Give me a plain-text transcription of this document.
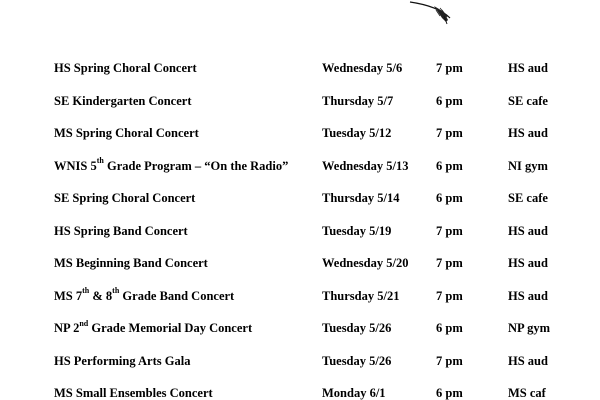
HS Spring Choral Concert	Wednesday 5/6	7 pm	HS aud
SE Kindergarten Concert	Thursday 5/7	6 pm	SE cafe
MS Spring Choral Concert	Tuesday 5/12	7 pm	HS aud
WNIS 5th Grade Program – “On the Radio”	Wednesday 5/13 6 pm	NI gym
SE Spring Choral Concert	Thursday 5/14	6 pm	SE cafe
HS Spring Band Concert	Tuesday 5/19	7 pm	HS aud
MS Beginning Band Concert	Wednesday 5/20 7 pm	HS aud
MS 7th & 8th Grade Band Concert	Thursday 5/21	7 pm	HS aud
NP 2nd Grade Memorial Day Concert	Tuesday 5/26	6 pm	NP gym
HS Performing Arts Gala	Tuesday 5/26	7 pm	HS aud
MS Small Ensembles Concert	Monday 6/1	6 pm	MS caf
